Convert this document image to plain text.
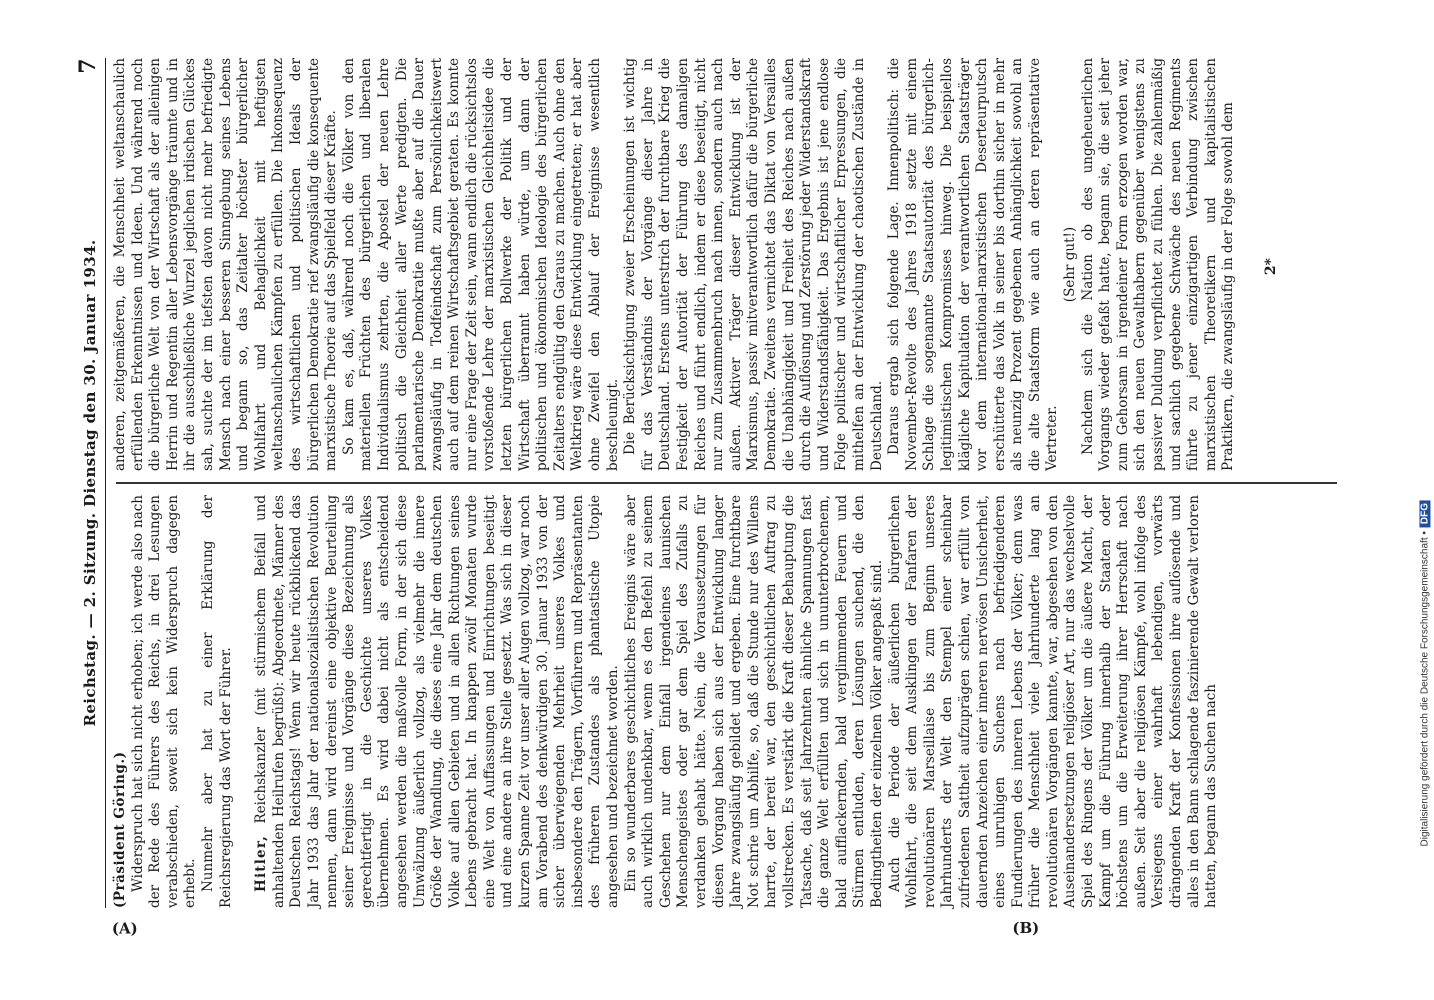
Reichstag. — 2. Sitzung. Dienstag den 30. Januar 1934.
7
(A)	(B)

(Präsident Göring.) Widerspruch hat sich nicht erhoben; ich werde also nach der Rede des Führers des Reichs, in drei Lesungen verabschieden, soweit sich kein Widerspruch dagegen erhebt. Nunmehr aber hat zu einer Erklärung der Reichsregierung das Wort der Führer. Hitler, Reichskanzler (mit stürmischem Beifall und anhaltenden Heilrufen begrüßt): Abgeordnete, Männer des Deutschen Reichstags! Wenn wir heute rückblickend das Jahr 1933 das Jahr der nationalsozialistischen Revolution nennen, dann wird dereinst eine objektive Beurteilung seiner Ereignisse und Vorgänge diese Bezeichnung als gerechtfertigt in die Geschichte unseres Volkes übernehmen. Es wird dabei nicht als entscheidend angesehen werden die maßvolle Form, in der sich diese Umwälzung äußerlich vollzog, als vielmehr die innere Größe der Wandlung, die dieses eine Jahr dem deutschen Volke auf allen Gebieten und in allen Richtungen seines Lebens gebracht hat. In knappen zwölf Monaten wurde eine Welt von Auffassungen und Einrichtungen beseitigt und eine andere an ihre Stelle gesetzt. Was sich in dieser kurzen Spanne Zeit vor unser aller Augen vollzog, war noch am Vorabend des denkwürdigen 30. Januar 1933 von der sicher überwiegenden Mehrheit unseres Volkes und insbesondere den Trägern, Vorführern und Repräsentanten des früheren Zustandes als phantastische Utopie angesehen und bezeichnet worden. Ein so wunderbares geschichtliches Ereignis wäre aber auch wirklich undenkbar, wenn es den Befehl zu seinem Geschehen nur dem Einfall irgendeines launischen Menschengeistes oder gar dem Spiel des Zufalls zu verdanken gehabt hätte. Nein, die Voraussetzungen für diesen Vorgang haben sich aus der Entwicklung langer Jahre zwangsläufig gebildet und ergeben. Eine furchtbare Not schrie um Abhilfe, so, daß die Stunde nur des Willens harrte, der bereit war, den geschichtlichen Auftrag zu vollstrecken. Es verstärkt die Kraft dieser Behauptung die Tatsache, daß seit Jahrzehnten ähnliche Spannungen fast die ganze Welt erfüllten und sich in ununterbrochenem, bald aufflackernden, bald verglimmenden Feuern und Stürmen entluden, deren Lösungen suchend, die den Bedingtheiten der einzelnen Völker angepaßt sind. Auch die Periode der äußerlichen bürgerlichen Wohlfahrt, die seit dem Ausklingen der Fanfaren der revolutionären Marseillaise bis zum Beginn unseres Jahrhunderts der Welt den Stempel einer scheinbar zufriedenen Sattheit aufzuprägen schien, war erfüllt von dauernden Anzeichen einer inneren nervösen Unsicherheit, eines unruhigen Suchens nach befriedigenderen Fundierungen des inneren Lebens der Völker; denn was früher die Menschheit viele Jahrhunderte lang an revolutionären Vorgängen kannte, war, abgesehen von den Auseinandersetzungen religiöser Art, nur das wechselvolle Spiel des Ringens der Völker um die äußere Macht, der Kampf um die Führung innerhalb der Staaten oder höchstens um die Erweiterung ihrer Herrschaft nach außen. Seit aber die religiösen Kämpfe, wohl infolge des Versiegens einer wahrhaft lebendigen, vorwärts drängenden Kraft der Konfessionen ihre auflösende und alles in den Bann schlagende faszinierende Gewalt verloren hatten, begann das Suchen nach

anderen, zeitgemäßeren, die Menschheit weltanschaulich erfüllenden Erkenntnissen und Ideen. Und während noch die bürgerliche Welt von der Wirtschaft als der alleinigen Herrin und Regentin aller Lebensvorgänge träumte und in ihr die ausschließliche Wurzel jeglichen irdischen Glückes sah, suchte der im tiefsten davon nicht mehr befriedigte Mensch nach einer besseren Sinngebung seines Lebens und begann so, das Zeitalter höchster bürgerlicher Wohlfahrt und Behaglichkeit mit heftigsten weltanschaulichen Kämpfen zu erfüllen. Die Inkonsequenz des wirtschaftlichen und politischen Ideals der bürgerlichen Demokratie rief zwangsläufig die konsequente marxistische Theorie auf das Spielfeld dieser Kräfte. So kam es, daß, während noch die Völker von den materiellen Früchten des bürgerlichen und liberalen Individualismus zehrten, die Apostel der neuen Lehre politisch die Gleichheit aller Werte predigten. Die parlamentarische Demokratie mußte aber auf die Dauer zwangsläufig in Todfeindschaft zum Persönlichkeitswert auch auf dem reinen Wirtschaftsgebiet geraten. Es konnte nur eine Frage der Zeit sein, wann endlich die rücksichtslos vorstoßende Lehre der marxistischen Gleichheitsidee die letzten bürgerlichen Bollwerke der Politik und der Wirtschaft überrannt haben würde, um dann der politischen und ökonomischen Ideologie des bürgerlichen Zeitalters endgültig den Garaus zu machen. Auch ohne den Weltkrieg wäre diese Entwicklung eingetreten; er hat aber ohne Zweifel den Ablauf der Ereignisse wesentlich beschleunigt. Die Berücksichtigung zweier Erscheinungen ist wichtig für das Verständnis der Vorgänge dieser Jahre in Deutschland. Erstens unterstrich der furchtbare Krieg die Festigkeit der Autorität der Führung des damaligen Reiches und führt endlich, indem er diese beseitigt, nicht nur zum Zusammenbruch nach innen, sondern auch nach außen. Aktiver Träger dieser Entwicklung ist der Marxismus, passiv mitverantwortlich dafür die bürgerliche Demokratie. Zweitens vernichtet das Diktat von Versailles die Unabhängigkeit und Freiheit des Reiches nach außen durch die Auflösung und Zerstörung jeder Widerstandskraft und Widerstandsfähigkeit. Das Ergebnis ist jene endlose Folge politischer und wirtschaftlicher Erpressungen, die mithelfen an der Entwicklung der chaotischen Zustände in Deutschland. Daraus ergab sich folgende Lage. Innenpolitisch: die November-Revolte des Jahres 1918 setzte mit einem Schlage die sogenannte Staatsautorität des bürgerlich-legitimistischen Kompromisses hinweg. Die beispiellos klägliche Kapitulation der verantwortlichen Staatsträger vor dem international-marxistischen Deserteurputsch erschütterte das Volk in seiner bis dorthin sicher in mehr als neunzig Prozent gegebenen Anhänglichkeit sowohl an die alte Staatsform wie auch an deren repräsentative Vertreter.

(Sehr gut!) Nachdem sich die Nation ob des ungeheuerlichen Vorgangs wieder gefaßt hatte, begann sie, die seit jeher zum Gehorsam in irgendeiner Form erzogen worden war, sich den neuen Gewalthabern gegenüber wenigstens zu passiver Duldung verpflichtet zu fühlen. Die zahlenmäßig und sachlich gegebene Schwäche des neuen Regiments führte zu jener einzigartigen Verbindung zwischen marxistischen Theoretikern und kapitalistischen Praktikern, die zwangsläufig in der Folge sowohl dem 2*
Digitalisierung gefördert durch die Deutsche Forschungsgemeinschaft •DFG
